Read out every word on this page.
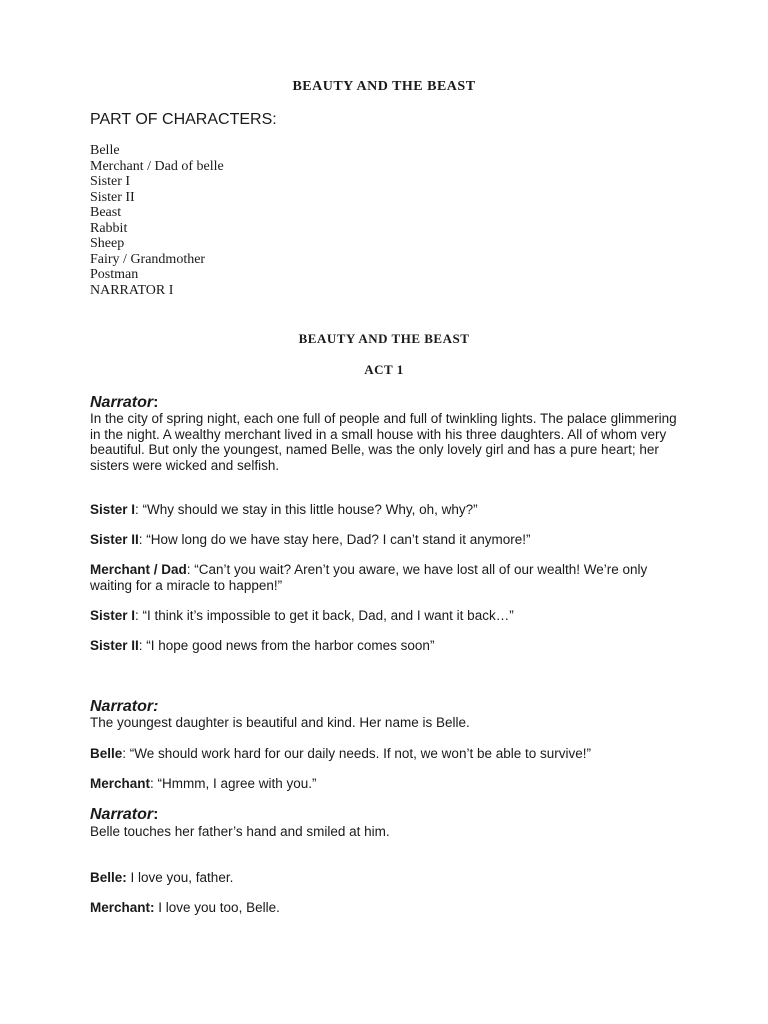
BEAUTY AND THE BEAST
PART OF CHARACTERS:
Belle
Merchant / Dad of belle
Sister I
Sister II
Beast
Rabbit
Sheep
Fairy / Grandmother
Postman
NARRATOR I
BEAUTY AND THE BEAST
ACT 1
Narrator:
In the city of spring night, each one full of people and full of twinkling lights. The palace glimmering in the night. A wealthy merchant lived in a small house with his three daughters. All of whom very beautiful. But only the youngest, named Belle, was the only lovely girl and has a pure heart; her sisters were wicked and selfish.
Sister I: “Why should we stay in this little house? Why, oh, why?”
Sister II: “How long do we have stay here, Dad? I can’t stand it anymore!”
Merchant / Dad: “Can’t you wait? Aren’t you aware, we have lost all of our wealth! We’re only waiting for a miracle to happen!”
Sister I: “I think it’s impossible to get it back, Dad, and I want it back…”
Sister II: “I hope good news from the harbor comes soon”
Narrator:
The youngest daughter is beautiful and kind. Her name is Belle.
Belle: “We should work hard for our daily needs. If not, we won’t be able to survive!”
Merchant: “Hmmm, I agree with you.”
Narrator:
Belle touches her father’s hand and smiled at him.
Belle: I love you, father.
Merchant: I love you too, Belle.
